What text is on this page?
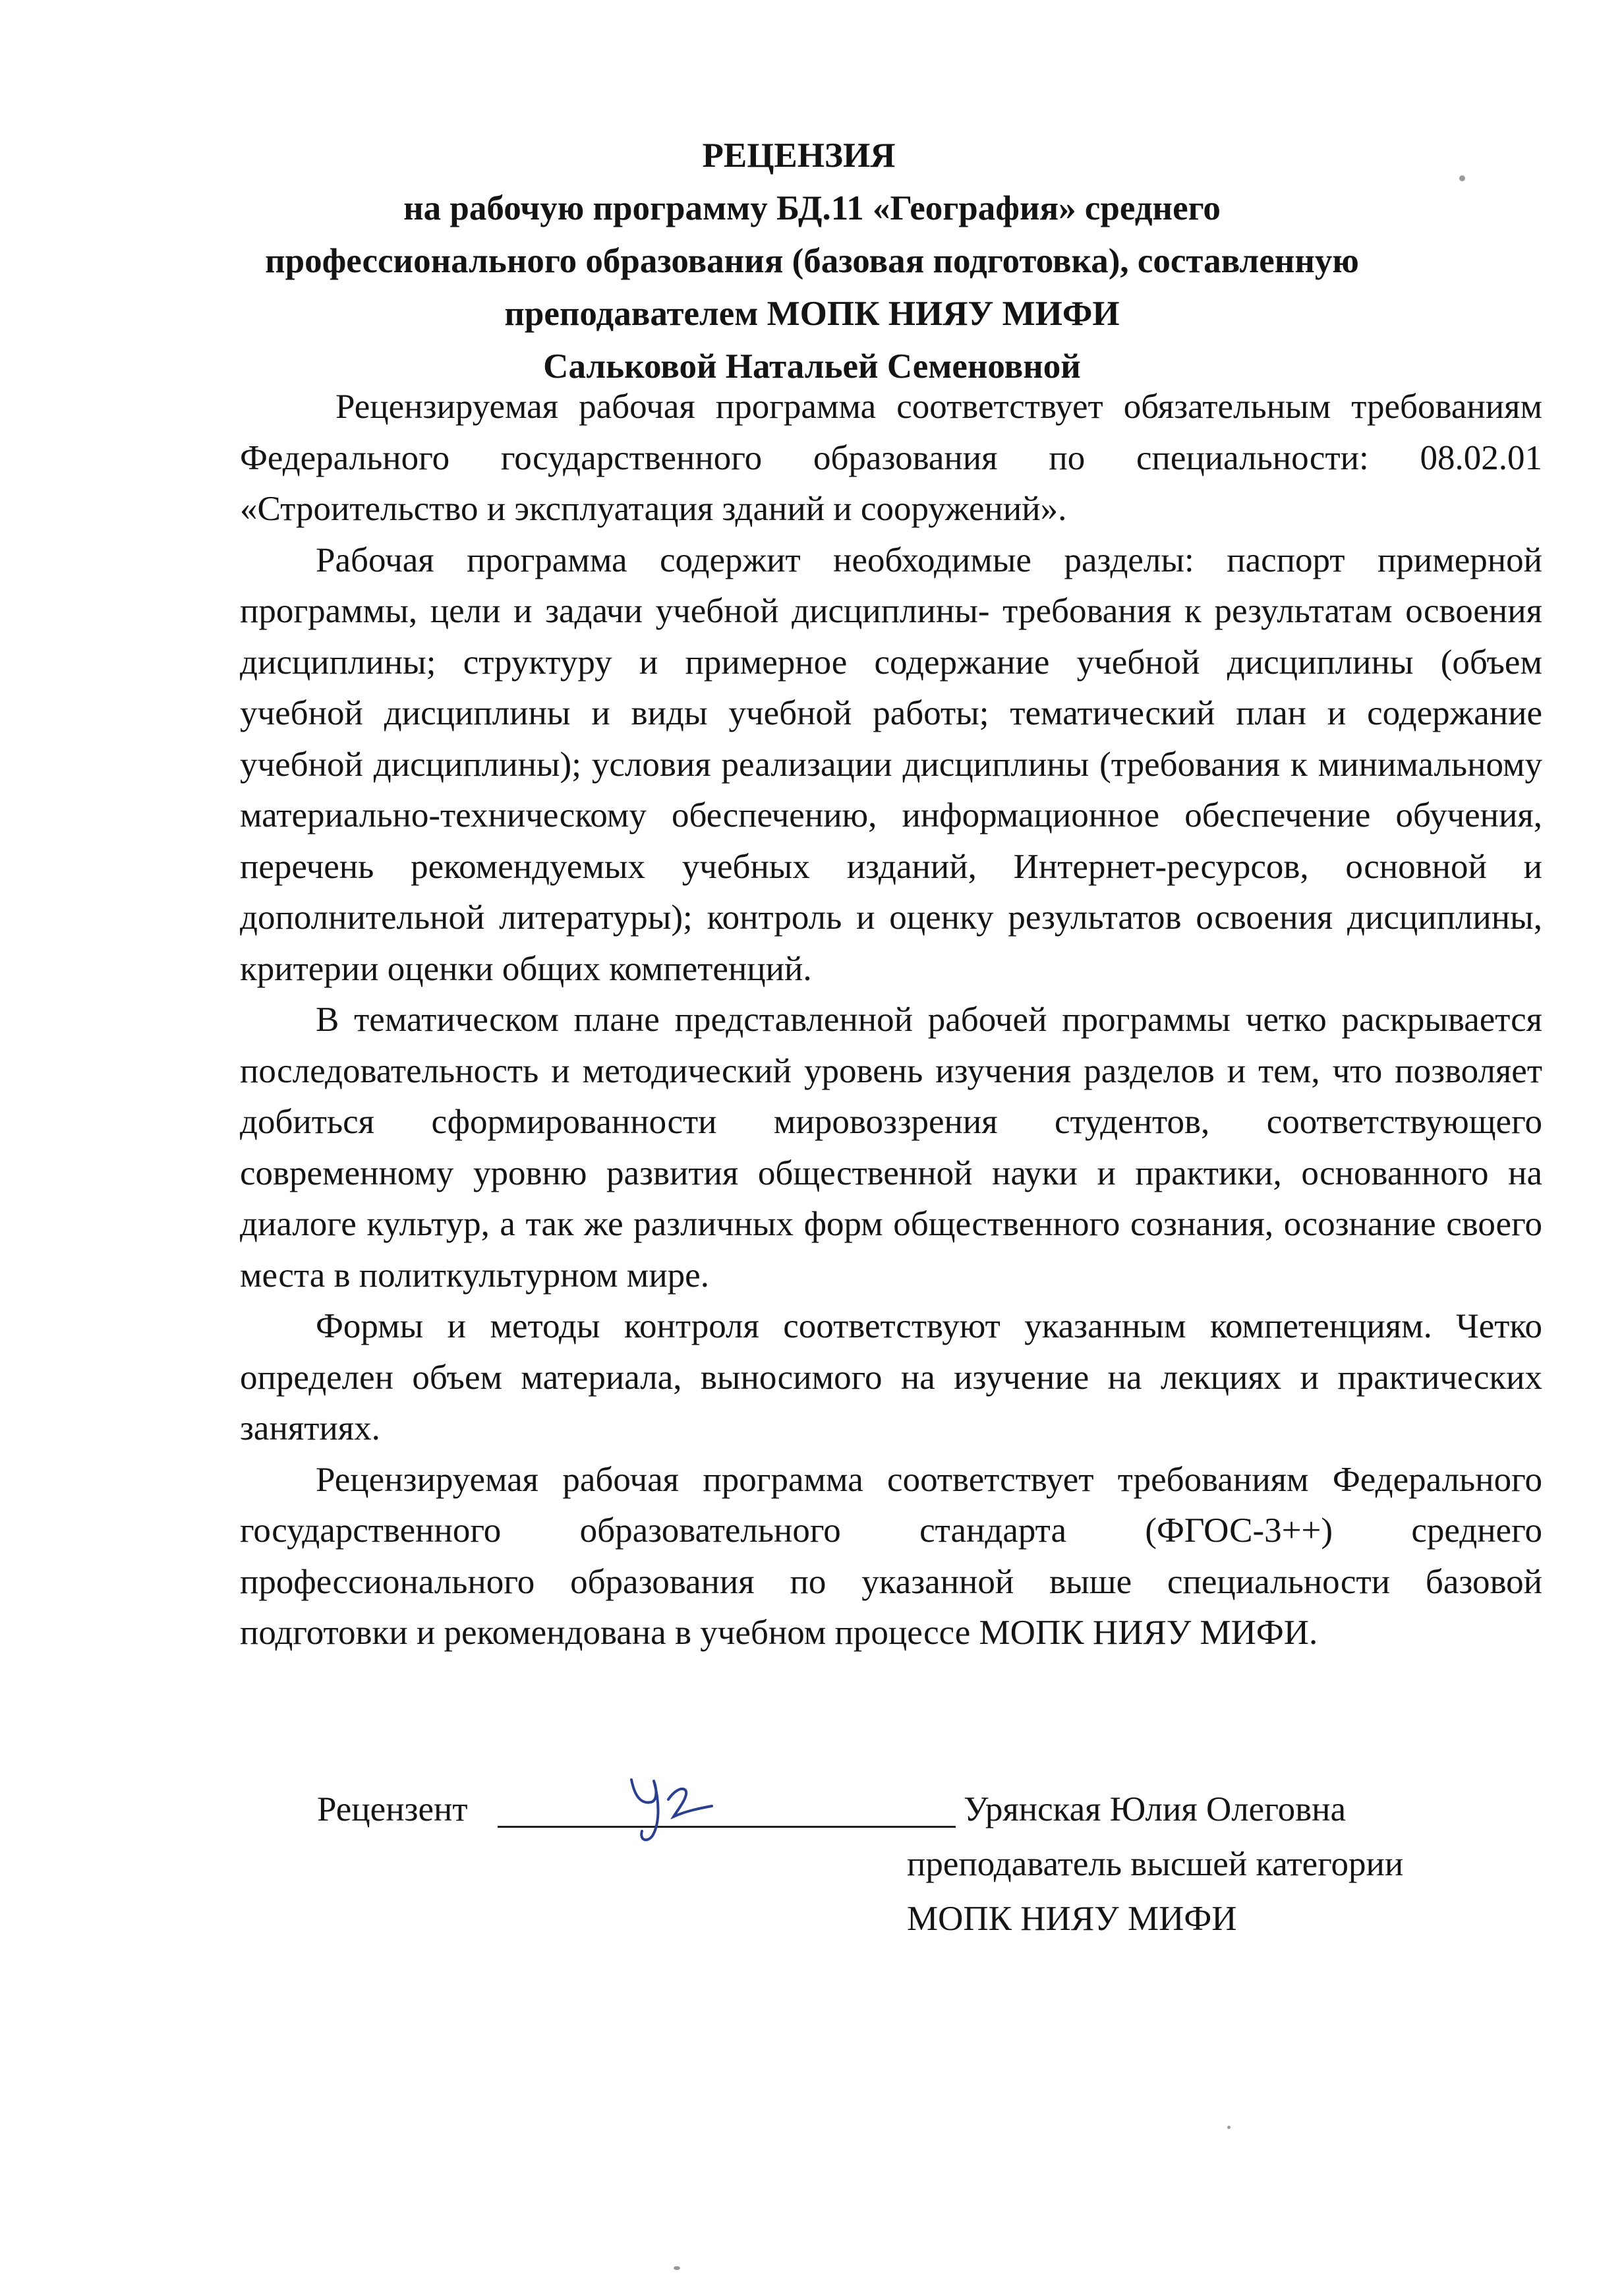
РЕЦЕНЗИЯ
на рабочую программу БД.11 «География» среднего
профессионального образования (базовая подготовка), составленную
преподавателем МОПК НИЯУ МИФИ
Сальковой Натальей Семеновной

Рецензируемая рабочая программа соответствует обязательным требованиям Федерального государственного образования по специальности: 08.02.01 «Строительство и эксплуатация зданий и сооружений».

Рабочая программа содержит необходимые разделы: паспорт примерной программы, цели и задачи учебной дисциплины- требования к результатам освоения дисциплины; структуру и примерное содержание учебной дисциплины (объем учебной дисциплины и виды учебной работы; тематический план и содержание учебной дисциплины); условия реализации дисциплины (требования к минимальному материально-техническому обеспечению, информационное обеспечение обучения, перечень рекомендуемых учебных изданий, Интернет-ресурсов, основной и дополнительной литературы); контроль и оценку результатов освоения дисциплины, критерии оценки общих компетенций.

В тематическом плане представленной рабочей программы четко раскрывается последовательность и методический уровень изучения разделов и тем, что позволяет добиться сформированности мировоззрения студентов, соответствующего современному уровню развития общественной науки и практики, основанного на диалоге культур, а так же различных форм общественного сознания, осознание своего места в политкультурном мире.

Формы и методы контроля соответствуют указанным компетенциям. Четко определен объем материала, выносимого на изучение на лекциях и практических занятиях.

Рецензируемая рабочая программа соответствует требованиям Федерального государственного образовательного стандарта (ФГОС-3++) среднего профессионального образования по указанной выше специальности базовой подготовки и рекомендована в учебном процессе МОПК НИЯУ МИФИ.

Рецензент	Урянская Юлия Олеговна
преподаватель высшей категории
МОПК НИЯУ МИФИ
